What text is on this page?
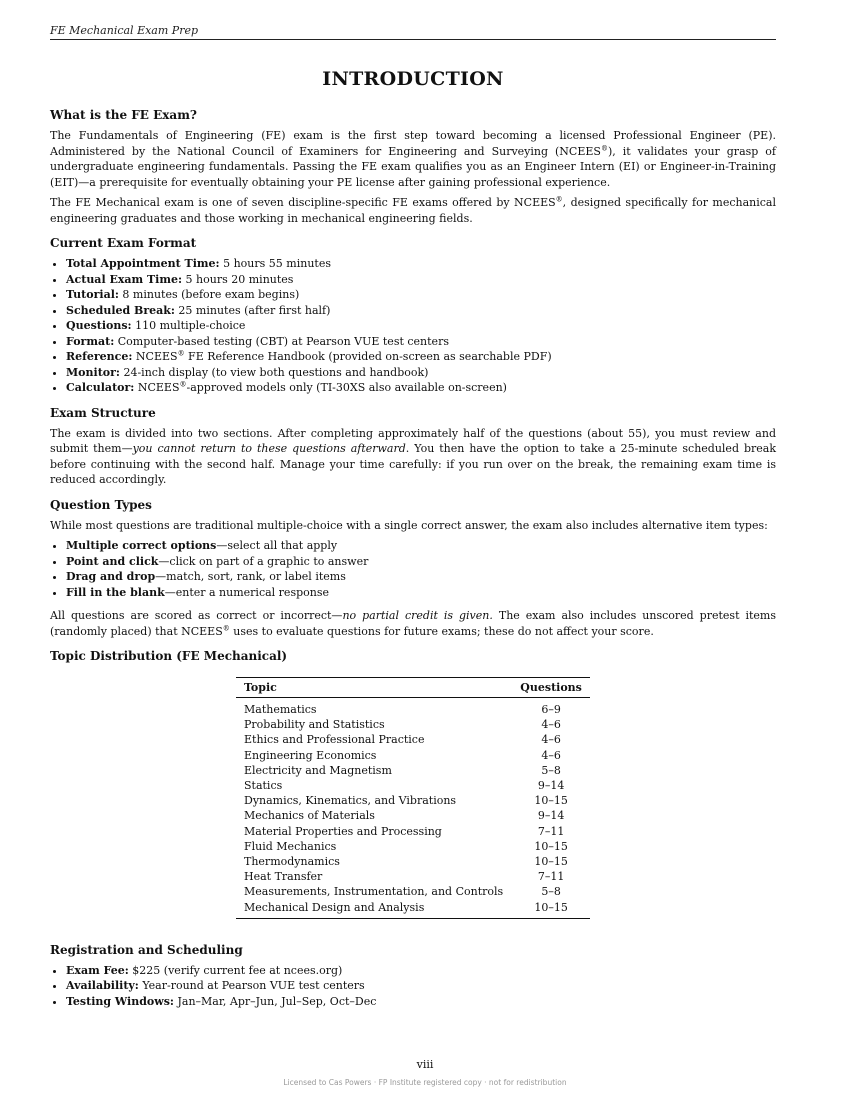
FE Mechanical Exam Prep
INTRODUCTION
What is the FE Exam?

The Fundamentals of Engineering (FE) exam is the first step toward becoming a licensed Professional Engineer (PE). Administered by the National Council of Examiners for Engineering and Surveying (NCEES®), it validates your grasp of undergraduate engineering fundamentals. Passing the FE exam qualifies you as an Engineer Intern (EI) or Engineer-in-Training (EIT)—a prerequisite for eventually obtaining your PE license after gaining professional experience.

The FE Mechanical exam is one of seven discipline-specific FE exams offered by NCEES®, designed specifically for mechanical engineering graduates and those working in mechanical engineering fields.

Current Exam Format
• Total Appointment Time: 5 hours 55 minutes
• Actual Exam Time: 5 hours 20 minutes
• Tutorial: 8 minutes (before exam begins)
• Scheduled Break: 25 minutes (after first half)
• Questions: 110 multiple-choice
• Format: Computer-based testing (CBT) at Pearson VUE test centers
• Reference: NCEES® FE Reference Handbook (provided on-screen as searchable PDF)
• Monitor: 24-inch display (to view both questions and handbook)
• Calculator: NCEES®-approved models only (TI-30XS also available on-screen)
Exam Structure

The exam is divided into two sections. After completing approximately half of the questions (about 55), you must review and submit them—you cannot return to these questions afterward. You then have the option to take a 25-minute scheduled break before continuing with the second half. Manage your time carefully: if you run over on the break, the remaining exam time is reduced accordingly.

Question Types

While most questions are traditional multiple-choice with a single correct answer, the exam also includes alternative item types:

• Multiple correct options—select all that apply
• Point and click—click on part of a graphic to answer
• Drag and drop—match, sort, rank, or label items
• Fill in the blank—enter a numerical response

All questions are scored as correct or incorrect—no partial credit is given. The exam also includes unscored pretest items (randomly placed) that NCEES® uses to evaluate questions for future exams; these do not affect your score.

Topic Distribution (FE Mechanical)
Topic	Questions
Mathematics	6–9
Probability and Statistics	4–6
Ethics and Professional Practice	4–6
Engineering Economics	4–6
Electricity and Magnetism	5–8
Statics	9–14
Dynamics, Kinematics, and Vibrations	10–15
Mechanics of Materials	9–14
Material Properties and Processing	7–11
Fluid Mechanics	10–15
Thermodynamics	10–15
Heat Transfer	7–11
Measurements, Instrumentation, and Controls	5–8
Mechanical Design and Analysis	10–15
Registration and Scheduling
• Exam Fee: $225 (verify current fee at ncees.org)
• Availability: Year-round at Pearson VUE test centers
• Testing Windows: Jan–Mar, Apr–Jun, Jul–Sep, Oct–Dec
viii
Licensed to Cas Powers · FP Institute registered copy · not for redistribution
